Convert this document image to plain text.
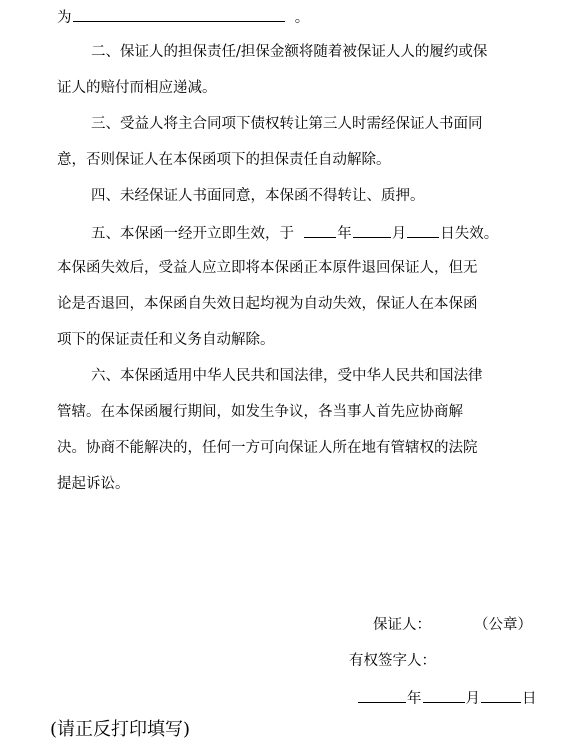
为	。
二、保证人的担保责任/担保金额将随着被保证人人的履约或保
证人的赔付而相应递减。
三、受益人将主合同项下债权转让第三人时需经保证人书面同
意，否则保证人在本保函项下的担保责任自动解除。
四、未经保证人书面同意，本保函不得转让、质押。
五、本保函一经开立即生效，于	年	月 日失效。
本保函失效后，受益人应立即将本保函正本原件退回保证人，但无
论是否退回，本保函自失效日起均视为自动失效，保证人在本保函
项下的保证责任和义务自动解除。
六、本保函适用中华人民共和国法律，受中华人民共和国法律
管辖。在本保函履行期间，如发生争议，各当事人首先应协商解
决。协商不能解决的，任何一方可向保证人所在地有管辖权的法院
提起诉讼。
保证人：	（公章）
有权签字人：
年	月	日
(请正反打印填写)
